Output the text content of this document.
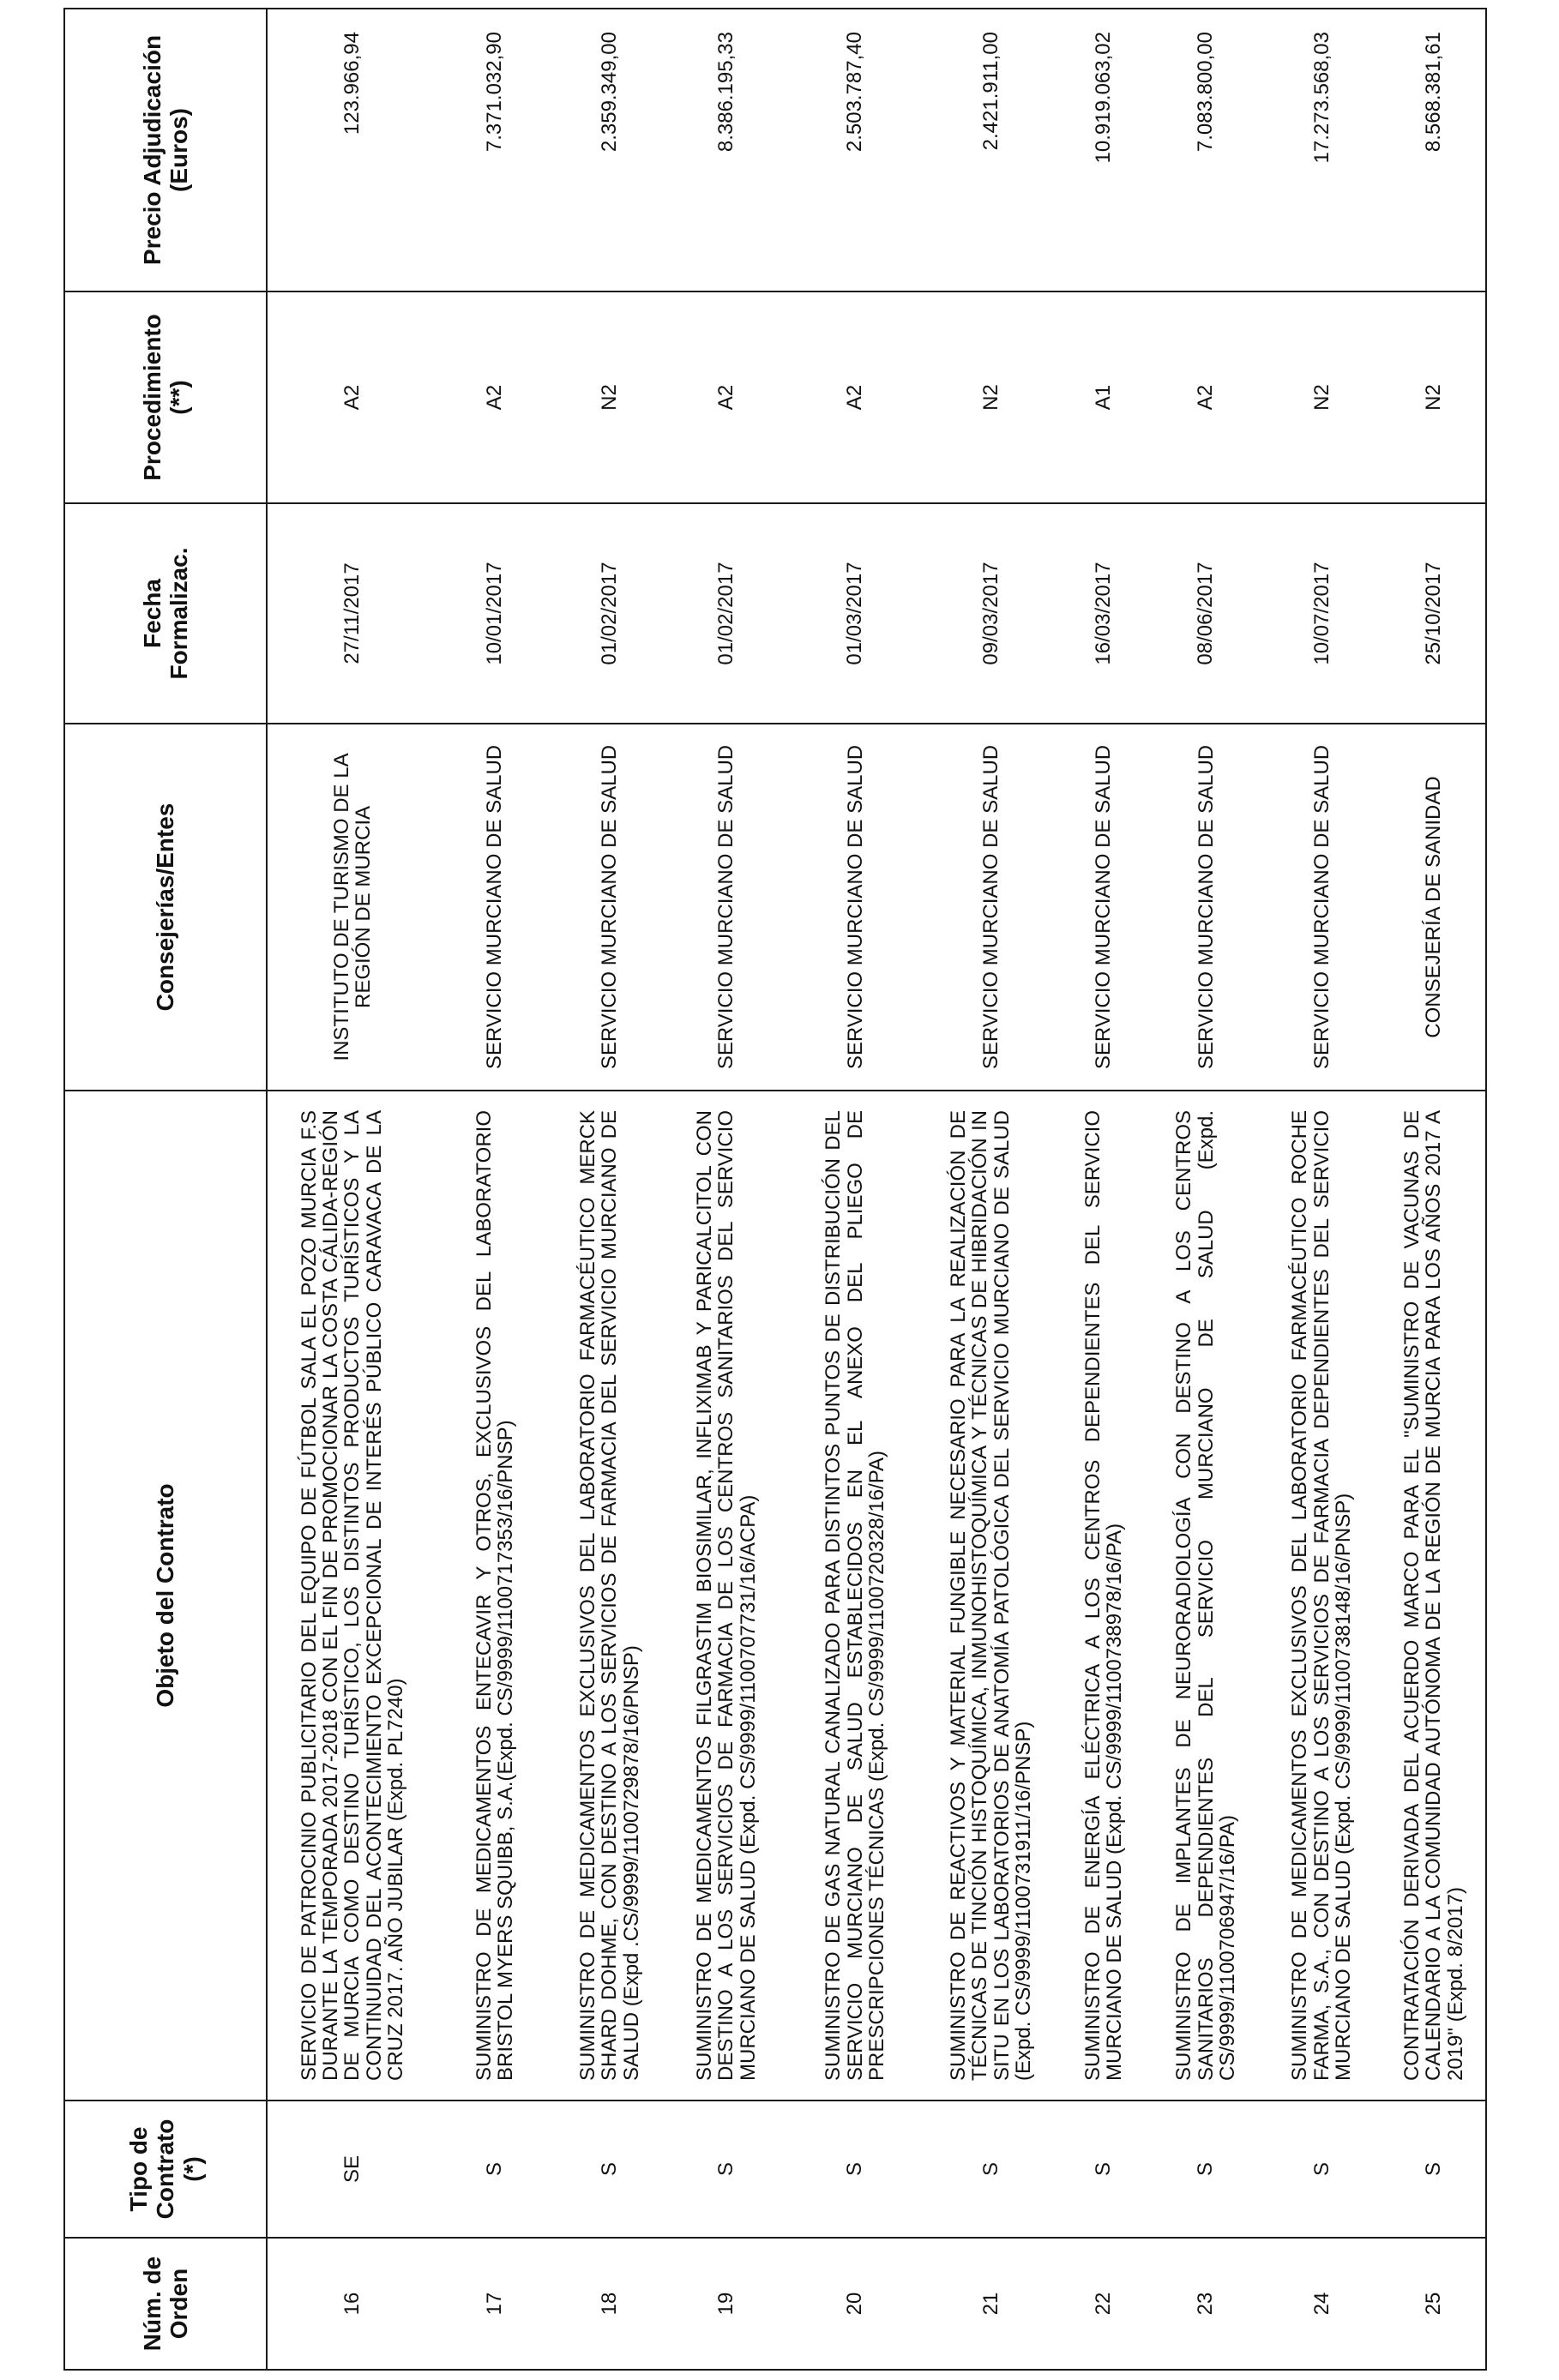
Núm. de Orden	Tipo de Contrato (*)	Objeto del Contrato	Consejerías/Entes	Fecha Formalizac.	Procedimiento (**)	Precio Adjudicación (Euros)
16	SE	SERVICIO DE PATROCINIO PUBLICITARIO DEL EQUIPO DE FÚTBOL SALA EL POZO MURCIA F.S DURANTE LA TEMPORADA 2017-2018 CON EL FIN DE PROMOCIONAR LA COSTA CÁLIDA-REGIÓN DE MURCIA COMO DESTINO TURÍSTICO, LOS DISTINTOS PRODUCTOS TURÍSTICOS Y LA CONTINUIDAD DEL ACONTECIMIENTO EXCEPCIONAL DE INTERÉS PÚBLICO CARAVACA DE LA CRUZ 2017. AÑO JUBILAR (Expd. PL7240)	INSTITUTO DE TURISMO DE LA REGIÓN DE MURCIA	27/11/2017	A2	123.966,94
17	S	SUMINISTRO DE MEDICAMENTOS ENTECAVIR Y OTROS, EXCLUSIVOS DEL LABORATORIO BRISTOL MYERS SQUIBB, S.A.(Expd. CS/9999/1100717353/16/PNSP)	SERVICIO MURCIANO DE SALUD	10/01/2017	A2	7.371.032,90
18	S	SUMINISTRO DE MEDICAMENTOS EXCLUSIVOS DEL LABORATORIO FARMACÉUTICO MERCK SHARD DOHME, CON DESTINO A LOS SERVICIOS DE FARMACIA DEL SERVICIO MURCIANO DE SALUD (Expd .CS/9999/1100729878/16/PNSP)	SERVICIO MURCIANO DE SALUD	01/02/2017	N2	2.359.349,00
19	S	SUMINISTRO DE MEDICAMENTOS FILGRASTIM BIOSIMILAR, INFLIXIMAB Y PARICALCITOL CON DESTINO A LOS SERVICIOS DE FARMACIA DE LOS CENTROS SANITARIOS DEL SERVICIO MURCIANO DE SALUD (Expd. CS/9999/1100707731/16/ACPA)	SERVICIO MURCIANO DE SALUD	01/02/2017	A2	8.386.195,33
20	S	SUMINISTRO DE GAS NATURAL CANALIZADO PARA DISTINTOS PUNTOS DE DISTRIBUCIÓN DEL SERVICIO MURCIANO DE SALUD ESTABLECIDOS EN EL ANEXO DEL PLIEGO DE PRESCRIPCIONES TÉCNICAS (Expd. CS/9999/1100720328/16/PA)	SERVICIO MURCIANO DE SALUD	01/03/2017	A2	2.503.787,40
21	S	SUMINISTRO DE REACTIVOS Y MATERIAL FUNGIBLE NECESARIO PARA LA REALIZACIÓN DE TÉCNICAS DE TINCIÓN HISTOQUÍMICA, INMUNOHISTOQUÍMICA Y TÉCNICAS DE HIBRIDACIÓN IN SITU EN LOS LABORATORIOS DE ANATOMÍA PATOLÓGICA DEL SERVICIO MURCIANO DE SALUD (Expd. CS/9999/1100731911/16/PNSP)	SERVICIO MURCIANO DE SALUD	09/03/2017	N2	2.421.911,00
22	S	SUMINISTRO DE ENERGÍA ELÉCTRICA A LOS CENTROS DEPENDIENTES DEL SERVICIO MURCIANO DE SALUD (Expd. CS/9999/1100738978/16/PA)	SERVICIO MURCIANO DE SALUD	16/03/2017	A1	10.919.063,02
23	S	SUMINISTRO DE IMPLANTES DE NEURORADIOLOGÍA CON DESTINO A LOS CENTROS SANITARIOS DEPENDIENTES DEL SERVICIO MURCIANO DE SALUD (Expd. CS/9999/1100706947/16/PA)	SERVICIO MURCIANO DE SALUD	08/06/2017	A2	7.083.800,00
24	S	SUMINISTRO DE MEDICAMENTOS EXCLUSIVOS DEL LABORATORIO FARMACÉUTICO ROCHE FARMA, S.A., CON DESTINO A LOS SERVICIOS DE FARMACIA DEPENDIENTES DEL SERVICIO MURCIANO DE SALUD (Expd. CS/9999/1100738148/16/PNSP)	SERVICIO MURCIANO DE SALUD	10/07/2017	N2	17.273.568,03
25	S	CONTRATACIÓN DERIVADA DEL ACUERDO MARCO PARA EL "SUMINISTRO DE VACUNAS DE CALENDARIO A LA COMUNIDAD AUTÓNOMA DE LA REGIÓN DE MURCIA PARA LOS AÑOS 2017 A 2019" (Expd. 8/2017)	CONSEJERÍA DE SANIDAD	25/10/2017	N2	8.568.381,61
